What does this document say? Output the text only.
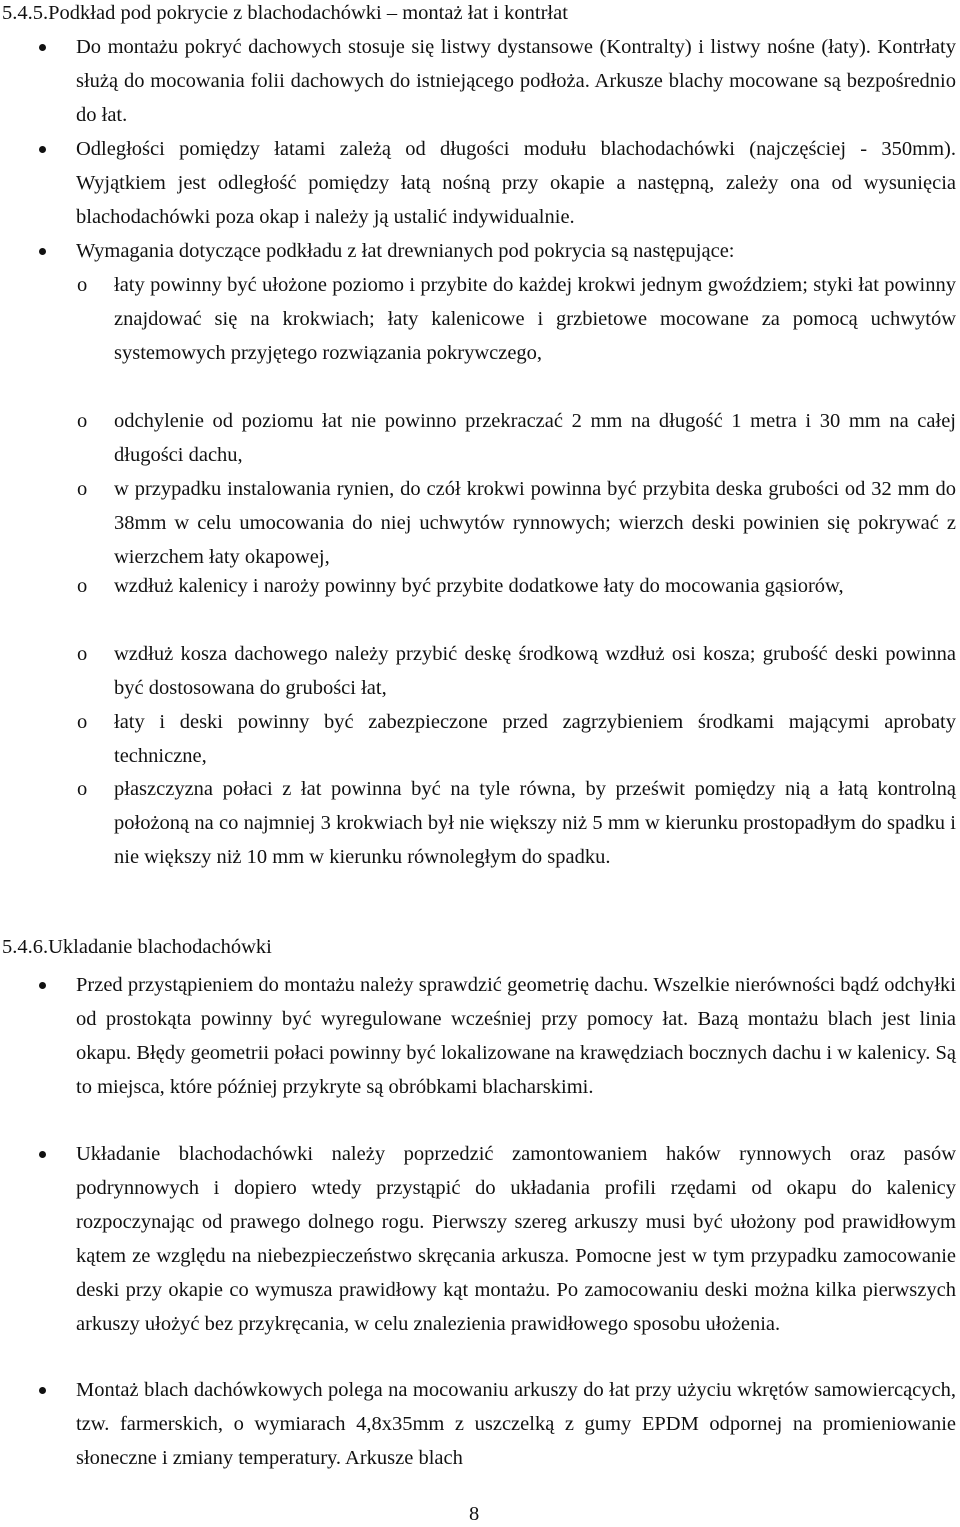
5.4.5.Podkład pod pokrycie z blachodachówki – montaż łat i kontrłat
Do montażu pokryć dachowych stosuje się listwy dystansowe (Kontralty) i listwy nośne (łaty). Kontrłaty służą do mocowania folii dachowych do istniejącego podłoża. Arkusze blachy mocowane są bezpośrednio do łat.
Odległości pomiędzy łatami zależą od długości modułu blachodachówki (najczęściej - 350mm). Wyjątkiem jest odległość pomiędzy łatą nośną przy okapie a następną, zależy ona od wysunięcia blachodachówki poza okap i należy ją ustalić indywidualnie.
Wymagania dotyczące podkładu z łat drewnianych pod pokrycia są następujące:
o łaty powinny być ułożone poziomo i przybite do każdej krokwi jednym gwoździem; styki łat powinny znajdować się na krokwiach; łaty kalenicowe i grzbietowe mocowane za pomocą uchwytów systemowych przyjętego rozwiązania pokrywczego,
o odchylenie od poziomu łat nie powinno przekraczać 2 mm na długość 1 metra i 30 mm na całej długości dachu,
o w przypadku instalowania rynien, do czół krokwi powinna być przybita deska grubości od 32 mm do 38mm w celu umocowania do niej uchwytów rynnowych; wierzch deski powinien się pokrywać z wierzchem łaty okapowej,
o wzdłuż kalenicy i naroży powinny być przybite dodatkowe łaty do mocowania gąsiorów,
o wzdłuż kosza dachowego należy przybić deskę środkową wzdłuż osi kosza; grubość deski powinna być dostosowana do grubości łat,
o łaty i deski powinny być zabezpieczone przed zagrzybieniem środkami mającymi aprobaty techniczne,
o płaszczyzna połaci z łat powinna być na tyle równa, by prześwit pomiędzy nią a łatą kontrolną położoną na co najmniej 3 krokwiach był nie większy niż 5 mm w kierunku prostopadłym do spadku i nie większy niż 10 mm w kierunku równoległym do spadku.
5.4.6.Ukladanie blachodachówki
Przed przystąpieniem do montażu należy sprawdzić geometrię dachu. Wszelkie nierówności bądź odchyłki od prostokąta powinny być wyregulowane wcześniej przy pomocy łat. Bazą montażu blach jest linia okapu. Błędy geometrii połaci powinny być lokalizowane na krawędziach bocznych dachu i w kalenicy. Są to miejsca, które później przykryte są obróbkami blacharskimi.
Układanie blachodachówki należy poprzedzić zamontowaniem haków rynnowych oraz pasów podrynnowych i dopiero wtedy przystąpić do układania profili rzędami od okapu do kalenicy rozpoczynając od prawego dolnego rogu. Pierwszy szereg arkuszy musi być ułożony pod prawidłowym kątem ze względu na niebezpieczeństwo skręcania arkusza. Pomocne jest w tym przypadku zamocowanie deski przy okapie co wymusza prawidłowy kąt montażu. Po zamocowaniu deski można kilka pierwszych arkuszy ułożyć bez przykręcania, w celu znalezienia prawidłowego sposobu ułożenia.
Montaż blach dachówkowych polega na mocowaniu arkuszy do łat przy użyciu wkrętów samowiercących, tzw. farmerskich, o wymiarach 4,8x35mm z uszczelką z gumy EPDM odpornej na promieniowanie słoneczne i zmiany temperatury. Arkusze blach
8
